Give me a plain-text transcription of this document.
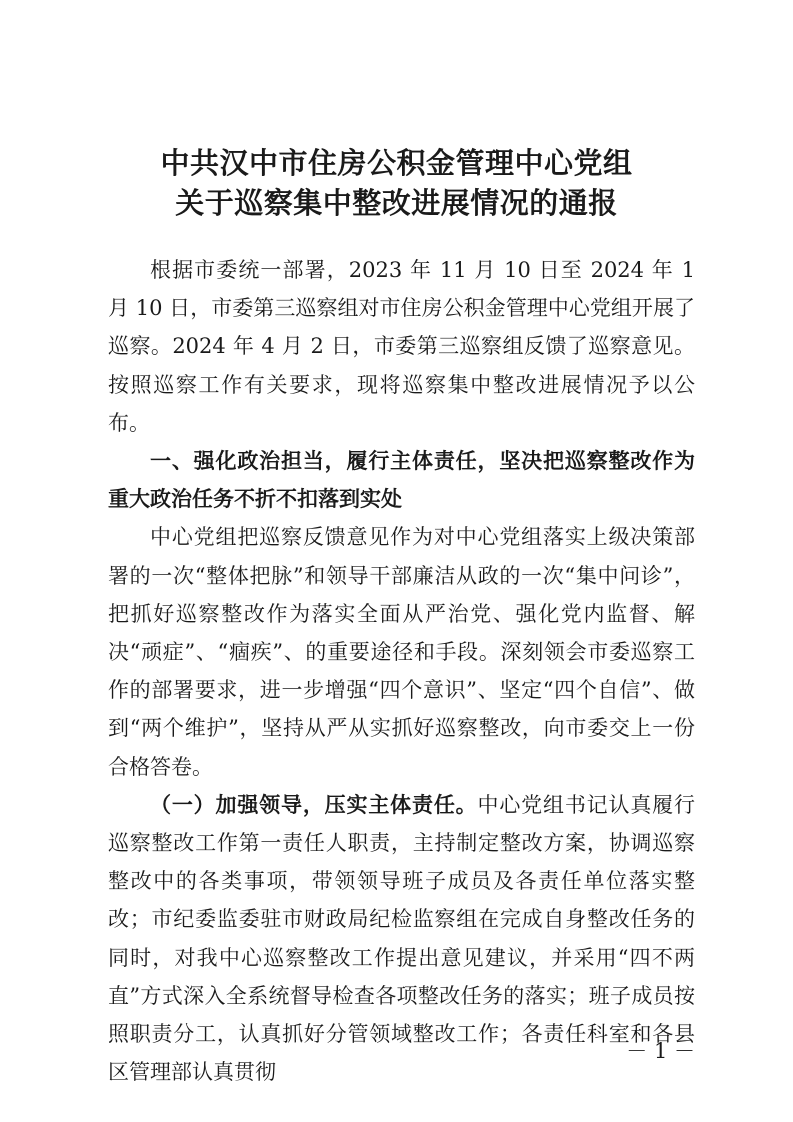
中共汉中市住房公积金管理中心党组
关于巡察集中整改进展情况的通报

根据市委统一部署，2023 年 11 月 10 日至 2024 年 1 月 10 日，市委第三巡察组对市住房公积金管理中心党组开展了巡察。2024 年 4 月 2 日，市委第三巡察组反馈了巡察意见。按照巡察工作有关要求，现将巡察集中整改进展情况予以公布。

一、强化政治担当，履行主体责任，坚决把巡察整改作为重大政治任务不折不扣落到实处

中心党组把巡察反馈意见作为对中心党组落实上级决策部署的一次“整体把脉”和领导干部廉洁从政的一次“集中问诊”，把抓好巡察整改作为落实全面从严治党、强化党内监督、解决“顽症”、“痼疾”、的重要途径和手段。深刻领会市委巡察工作的部署要求，进一步增强“四个意识”、坚定“四个自信”、做到“两个维护”，坚持从严从实抓好巡察整改，向市委交上一份合格答卷。

（一）加强领导，压实主体责任。中心党组书记认真履行巡察整改工作第一责任人职责，主持制定整改方案，协调巡察整改中的各类事项，带领领导班子成员及各责任单位落实整改；市纪委监委驻市财政局纪检监察组在完成自身整改任务的同时，对我中心巡察整改工作提出意见建议，并采用“四不两直”方式深入全系统督导检查各项整改任务的落实；班子成员按照职责分工，认真抓好分管领域整改工作；各责任科室和各县区管理部认真贯彻

－ 1 －
